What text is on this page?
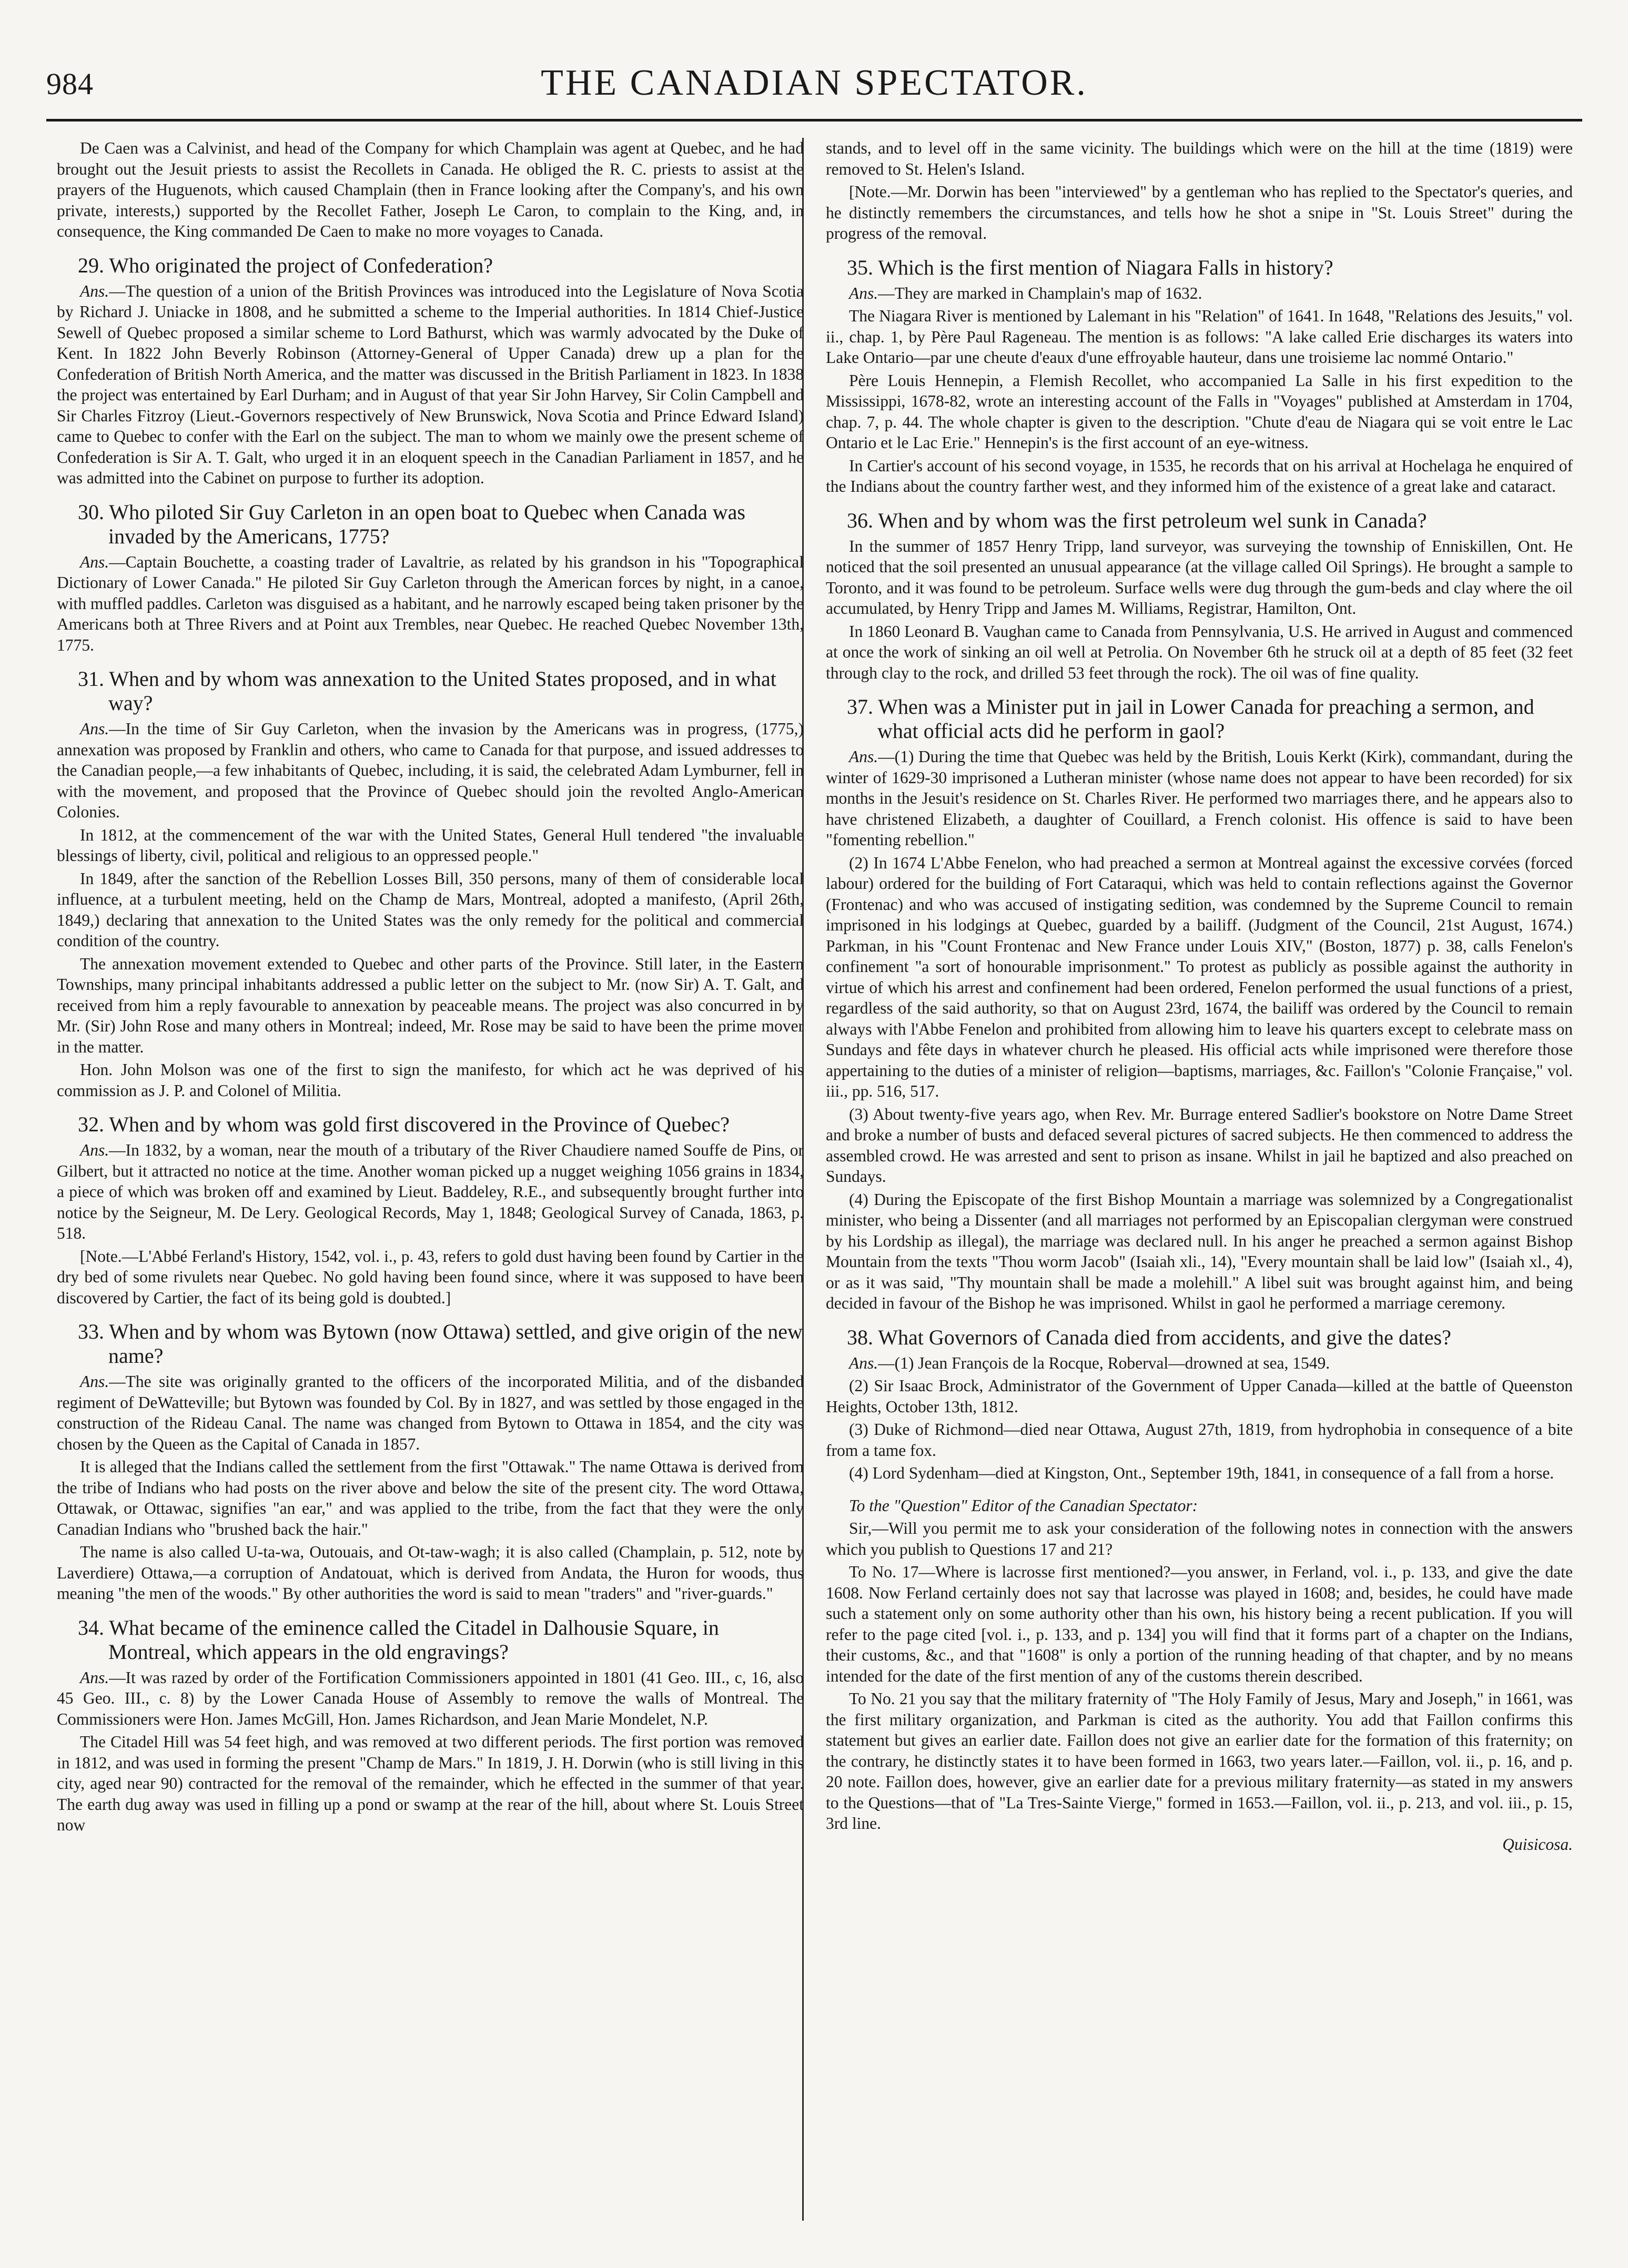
984	THE CANADIAN SPECTATOR.

De Caen was a Calvinist, and head of the Company for which Champlain was agent at Quebec, and he had brought out the Jesuit priests to assist the Recollets in Canada. He obliged the R. C. priests to assist at the prayers of the Huguenots, which caused Champlain (then in France looking after the Company's, and his own private, interests,) supported by the Recollet Father, Joseph Le Caron, to complain to the King, and, in consequence, the King commanded De Caen to make no more voyages to Canada.

29. Who originated the project of Confederation?

Ans.—The question of a union of the British Provinces was introduced into the Legislature of Nova Scotia by Richard J. Uniacke in 1808, and he submitted a scheme to the Imperial authorities. In 1814 Chief-Justice Sewell of Quebec proposed a similar scheme to Lord Bathurst, which was warmly advocated by the Duke of Kent. In 1822 John Beverly Robinson (Attorney-General of Upper Canada) drew up a plan for the Confederation of British North America, and the matter was discussed in the British Parliament in 1823. In 1838 the project was entertained by Earl Durham; and in August of that year Sir John Harvey, Sir Colin Campbell and Sir Charles Fitzroy (Lieut.-Governors respectively of New Brunswick, Nova Scotia and Prince Edward Island) came to Quebec to confer with the Earl on the subject. The man to whom we mainly owe the present scheme of Confederation is Sir A. T. Galt, who urged it in an eloquent speech in the Canadian Parliament in 1857, and he was admitted into the Cabinet on purpose to further its adoption.

30. Who piloted Sir Guy Carleton in an open boat to Quebec when Canada was invaded by the Americans, 1775?

Ans.—Captain Bouchette, a coasting trader of Lavaltrie, as related by his grandson in his "Topographical Dictionary of Lower Canada." He piloted Sir Guy Carleton through the American forces by night, in a canoe, with muffled paddles. Carleton was disguised as a habitant, and he narrowly escaped being taken prisoner by the Americans both at Three Rivers and at Point aux Trembles, near Quebec. He reached Quebec November 13th, 1775.

31. When and by whom was annexation to the United States proposed, and in what way?

Ans.—In the time of Sir Guy Carleton, when the invasion by the Americans was in progress, (1775,) annexation was proposed by Franklin and others, who came to Canada for that purpose, and issued addresses to the Canadian people,—a few inhabitants of Quebec, including, it is said, the celebrated Adam Lymburner, fell in with the movement, and proposed that the Province of Quebec should join the revolted Anglo-American Colonies.

In 1812, at the commencement of the war with the United States, General Hull tendered "the invaluable blessings of liberty, civil, political and religious to an oppressed people."

In 1849, after the sanction of the Rebellion Losses Bill, 350 persons, many of them of considerable local influence, at a turbulent meeting, held on the Champ de Mars, Montreal, adopted a manifesto, (April 26th, 1849,) declaring that annexation to the United States was the only remedy for the political and commercial condition of the country.

The annexation movement extended to Quebec and other parts of the Province. Still later, in the Eastern Townships, many principal inhabitants addressed a public letter on the subject to Mr. (now Sir) A. T. Galt, and received from him a reply favourable to annexation by peaceable means. The project was also concurred in by Mr. (Sir) John Rose and many others in Montreal; indeed, Mr. Rose may be said to have been the prime mover in the matter.

Hon. John Molson was one of the first to sign the manifesto, for which act he was deprived of his commission as J. P. and Colonel of Militia.

32. When and by whom was gold first discovered in the Province of Quebec?

Ans.—In 1832, by a woman, near the mouth of a tributary of the River Chaudiere named Souffe de Pins, or Gilbert, but it attracted no notice at the time. Another woman picked up a nugget weighing 1056 grains in 1834, a piece of which was broken off and examined by Lieut. Baddeley, R.E., and subsequently brought further into notice by the Seigneur, M. De Lery. Geological Records, May 1, 1848; Geological Survey of Canada, 1863, p. 518.

[Note.—L'Abbé Ferland's History, 1542, vol. i., p. 43, refers to gold dust having been found by Cartier in the dry bed of some rivulets near Quebec. No gold having been found since, where it was supposed to have been discovered by Cartier, the fact of its being gold is doubted.]

33. When and by whom was Bytown (now Ottawa) settled, and give origin of the new name?

Ans.—The site was originally granted to the officers of the incorporated Militia, and of the disbanded regiment of DeWatteville; but Bytown was founded by Col. By in 1827, and was settled by those engaged in the construction of the Rideau Canal. The name was changed from Bytown to Ottawa in 1854, and the city was chosen by the Queen as the Capital of Canada in 1857.

It is alleged that the Indians called the settlement from the first "Ottawak." The name Ottawa is derived from the tribe of Indians who had posts on the river above and below the site of the present city. The word Ottawa, Ottawak, or Ottawac, signifies "an ear," and was applied to the tribe, from the fact that they were the only Canadian Indians who "brushed back the hair."

The name is also called U-ta-wa, Outouais, and Ot-taw-wagh; it is also called (Champlain, p. 512, note by Laverdiere) Ottawa,—a corruption of Andatouat, which is derived from Andata, the Huron for woods, thus meaning "the men of the woods." By other authorities the word is said to mean "traders" and "river-guards."

34. What became of the eminence called the Citadel in Dalhousie Square, in Montreal, which appears in the old engravings?

Ans.—It was razed by order of the Fortification Commissioners appointed in 1801 (41 Geo. III., c, 16, also 45 Geo. III., c. 8) by the Lower Canada House of Assembly to remove the walls of Montreal. The Commissioners were Hon. James McGill, Hon. James Richardson, and Jean Marie Mondelet, N.P.

The Citadel Hill was 54 feet high, and was removed at two different periods. The first portion was removed in 1812, and was used in forming the present "Champ de Mars." In 1819, J. H. Dorwin (who is still living in this city, aged near 90) contracted for the removal of the remainder, which he effected in the summer of that year. The earth dug away was used in filling up a pond or swamp at the rear of the hill, about where St. Louis Street now

stands, and to level off in the same vicinity. The buildings which were on the hill at the time (1819) were removed to St. Helen's Island.

[Note.—Mr. Dorwin has been "interviewed" by a gentleman who has replied to the Spectator's queries, and he distinctly remembers the circumstances, and tells how he shot a snipe in "St. Louis Street" during the progress of the removal.

35. Which is the first mention of Niagara Falls in history?

Ans.—They are marked in Champlain's map of 1632.

The Niagara River is mentioned by Lalemant in his "Relation" of 1641. In 1648, "Relations des Jesuits," vol. ii., chap. 1, by Père Paul Rageneau. The mention is as follows: "A lake called Erie discharges its waters into Lake Ontario—par une cheute d'eaux d'une effroyable hauteur, dans une troisieme lac nommé Ontario."

Père Louis Hennepin, a Flemish Recollet, who accompanied La Salle in his first expedition to the Mississippi, 1678-82, wrote an interesting account of the Falls in "Voyages" published at Amsterdam in 1704, chap. 7, p. 44. The whole chapter is given to the description. "Chute d'eau de Niagara qui se voit entre le Lac Ontario et le Lac Erie." Hennepin's is the first account of an eye-witness.

In Cartier's account of his second voyage, in 1535, he records that on his arrival at Hochelaga he enquired of the Indians about the country farther west, and they informed him of the existence of a great lake and cataract.

36. When and by whom was the first petroleum wel sunk in Canada?

In the summer of 1857 Henry Tripp, land surveyor, was surveying the township of Enniskillen, Ont. He noticed that the soil presented an unusual appearance (at the village called Oil Springs). He brought a sample to Toronto, and it was found to be petroleum. Surface wells were dug through the gum-beds and clay where the oil accumulated, by Henry Tripp and James M. Williams, Registrar, Hamilton, Ont.

In 1860 Leonard B. Vaughan came to Canada from Pennsylvania, U.S. He arrived in August and commenced at once the work of sinking an oil well at Petrolia. On November 6th he struck oil at a depth of 85 feet (32 feet through clay to the rock, and drilled 53 feet through the rock). The oil was of fine quality.

37. When was a Minister put in jail in Lower Canada for preaching a sermon, and what official acts did he perform in gaol?

Ans.—(1) During the time that Quebec was held by the British, Louis Kerkt (Kirk), commandant, during the winter of 1629-30 imprisoned a Lutheran minister (whose name does not appear to have been recorded) for six months in the Jesuit's residence on St. Charles River. He performed two marriages there, and he appears also to have christened Elizabeth, a daughter of Couillard, a French colonist. His offence is said to have been "fomenting rebellion."

(2) In 1674 L'Abbe Fenelon, who had preached a sermon at Montreal against the excessive corvées (forced labour) ordered for the building of Fort Cataraqui, which was held to contain reflections against the Governor (Frontenac) and who was accused of instigating sedition, was condemned by the Supreme Council to remain imprisoned in his lodgings at Quebec, guarded by a bailiff. (Judgment of the Council, 21st August, 1674.) Parkman, in his "Count Frontenac and New France under Louis XIV," (Boston, 1877) p. 38, calls Fenelon's confinement "a sort of honourable imprisonment." To protest as publicly as possible against the authority in virtue of which his arrest and confinement had been ordered, Fenelon performed the usual functions of a priest, regardless of the said authority, so that on August 23rd, 1674, the bailiff was ordered by the Council to remain always with l'Abbe Fenelon and prohibited from allowing him to leave his quarters except to celebrate mass on Sundays and fête days in whatever church he pleased. His official acts while imprisoned were therefore those appertaining to the duties of a minister of religion—baptisms, marriages, &c. Faillon's "Colonie Française," vol. iii., pp. 516, 517.

(3) About twenty-five years ago, when Rev. Mr. Burrage entered Sadlier's bookstore on Notre Dame Street and broke a number of busts and defaced several pictures of sacred subjects. He then commenced to address the assembled crowd. He was arrested and sent to prison as insane. Whilst in jail he baptized and also preached on Sundays.

(4) During the Episcopate of the first Bishop Mountain a marriage was solemnized by a Congregationalist minister, who being a Dissenter (and all marriages not performed by an Episcopalian clergyman were construed by his Lordship as illegal), the marriage was declared null. In his anger he preached a sermon against Bishop Mountain from the texts "Thou worm Jacob" (Isaiah xli., 14), "Every mountain shall be laid low" (Isaiah xl., 4), or as it was said, "Thy mountain shall be made a molehill." A libel suit was brought against him, and being decided in favour of the Bishop he was imprisoned. Whilst in gaol he performed a marriage ceremony.

38. What Governors of Canada died from accidents, and give the dates?

Ans.—(1) Jean François de la Rocque, Roberval—drowned at sea, 1549.

(2) Sir Isaac Brock, Administrator of the Government of Upper Canada—killed at the battle of Queenston Heights, October 13th, 1812.

(3) Duke of Richmond—died near Ottawa, August 27th, 1819, from hydrophobia in consequence of a bite from a tame fox.

(4) Lord Sydenham—died at Kingston, Ont., September 19th, 1841, in consequence of a fall from a horse.

To the "Question" Editor of the Canadian Spectator:

Sir,—Will you permit me to ask your consideration of the following notes in connection with the answers which you publish to Questions 17 and 21?

To No. 17—Where is lacrosse first mentioned?—you answer, in Ferland, vol. i., p. 133, and give the date 1608. Now Ferland certainly does not say that lacrosse was played in 1608; and, besides, he could have made such a statement only on some authority other than his own, his history being a recent publication. If you will refer to the page cited [vol. i., p. 133, and p. 134] you will find that it forms part of a chapter on the Indians, their customs, &c., and that "1608" is only a portion of the running heading of that chapter, and by no means intended for the date of the first mention of any of the customs therein described.

To No. 21 you say that the military fraternity of "The Holy Family of Jesus, Mary and Joseph," in 1661, was the first military organization, and Parkman is cited as the authority. You add that Faillon confirms this statement but gives an earlier date. Faillon does not give an earlier date for the formation of this fraternity; on the contrary, he distinctly states it to have been formed in 1663, two years later.—Faillon, vol. ii., p. 16, and p. 20 note. Faillon does, however, give an earlier date for a previous military fraternity—as stated in my answers to the Questions—that of "La Tres-Sainte Vierge," formed in 1653.—Faillon, vol. ii., p. 213, and vol. iii., p. 15, 3rd line.

Quisicosa.
